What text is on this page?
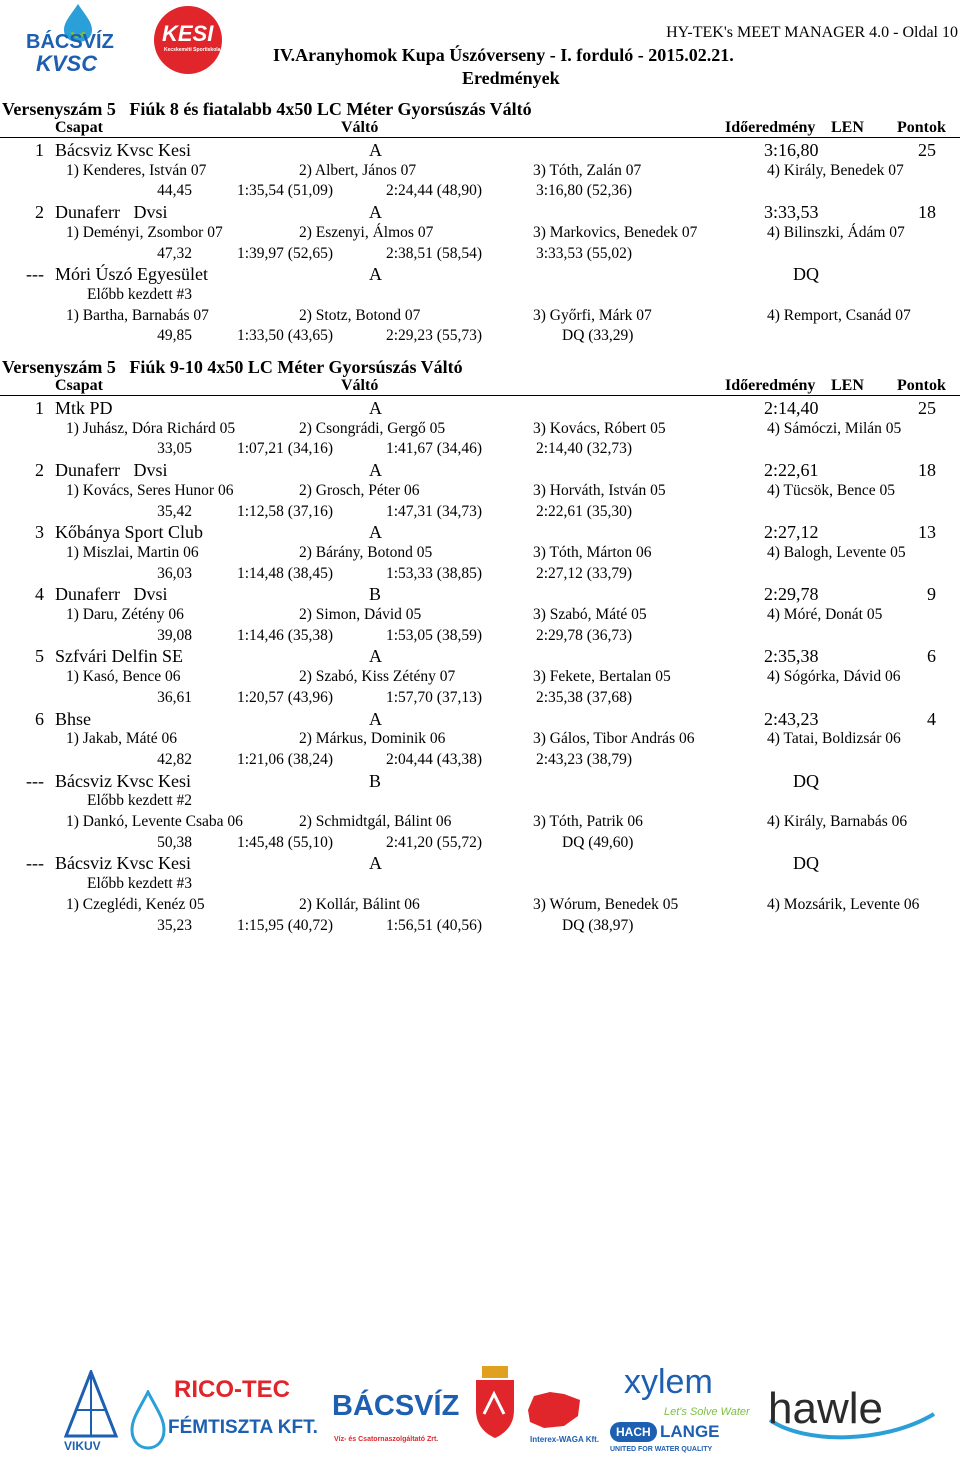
BÁCSVÍZ
KVSC
KESI
Kecskeméti Sportiskola
HY-TEK's MEET MANAGER 4.0 - Oldal 10
IV.Aranyhomok Kupa Úszóverseny - I. forduló - 2015.02.21.
Eredmények
Versenyszám 5   Fiúk 8 és fiatalabb 4x50 LC Méter Gyorsúszás Váltó
Csapat	Váltó	Időeredmény LEN Pontok
1 Bácsviz Kvsc Kesi	A	3:16,80	25
1) Kenderes, István 07	2) Albert, János 07	3) Tóth, Zalán 07	4) Király, Benedek 07
44,45	1:35,54 (51,09)	2:24,44 (48,90)	3:16,80 (52,36)
2 Dunaferr   Dvsi	A	3:33,53	18
1) Deményi, Zsombor 07	2) Eszenyi, Álmos 07	3) Markovics, Benedek 07	4) Bilinszki, Ádám 07
47,32	1:39,97 (52,65)	2:38,51 (58,54)	3:33,53 (55,02)
--- Móri Úszó Egyesület	A	DQ
Előbb kezdett #3
1) Bartha, Barnabás 07	2) Stotz, Botond 07	3) Győrfi, Márk 07	4) Remport, Csanád 07
49,85	1:33,50 (43,65)	2:29,23 (55,73)	DQ (33,29)
Versenyszám 5   Fiúk 9-10 4x50 LC Méter Gyorsúszás Váltó
Csapat	Váltó	Időeredmény LEN Pontok
1 Mtk PD	A	2:14,40	25
1) Juhász, Dóra Richárd 05	2) Csongrádi, Gergő 05	3) Kovács, Róbert 05	4) Sámóczi, Milán 05
33,05	1:07,21 (34,16)	1:41,67 (34,46)	2:14,40 (32,73)
2 Dunaferr   Dvsi	A	2:22,61	18
1) Kovács, Seres Hunor 06	2) Grosch, Péter 06	3) Horváth, István 05	4) Tücsök, Bence 05
35,42	1:12,58 (37,16)	1:47,31 (34,73)	2:22,61 (35,30)
3 Kőbánya Sport Club	A	2:27,12	13
1) Miszlai, Martin 06	2) Bárány, Botond 05	3) Tóth, Márton 06	4) Balogh, Levente 05
36,03	1:14,48 (38,45)	1:53,33 (38,85)	2:27,12 (33,79)
4 Dunaferr   Dvsi	B	2:29,78	9
1) Daru, Zétény 06	2) Simon, Dávid 05	3) Szabó, Máté 05	4) Móré, Donát 05
39,08	1:14,46 (35,38)	1:53,05 (38,59)	2:29,78 (36,73)
5 Szfvári Delfin SE	A	2:35,38	6
1) Kasó, Bence 06	2) Szabó, Kiss Zétény 07	3) Fekete, Bertalan 05	4) Sógórka, Dávid 06
36,61	1:20,57 (43,96)	1:57,70 (37,13)	2:35,38 (37,68)
6 Bhse	A	2:43,23	4
1) Jakab, Máté 06	2) Márkus, Dominik 06	3) Gálos, Tibor András 06	4) Tatai, Boldizsár 06
42,82	1:21,06 (38,24)	2:04,44 (43,38)	2:43,23 (38,79)
--- Bácsviz Kvsc Kesi	B	DQ
Előbb kezdett #2
1) Dankó, Levente Csaba 06	2) Schmidtgál, Bálint 06	3) Tóth, Patrik 06	4) Király, Barnabás 06
50,38	1:45,48 (55,10)	2:41,20 (55,72)	DQ (49,60)
--- Bácsviz Kvsc Kesi	A	DQ
Előbb kezdett #3
1) Czeglédi, Kenéz 05	2) Kollár, Bálint 06	3) Wórum, Benedek 05	4) Mozsárik, Levente 06
35,23	1:15,95 (40,72)	1:56,51 (40,56)	DQ (38,97)
VIKUV
RICO-TEC
FÉMTISZTA KFT.
BÁCSVÍZ
Víz- és Csatornaszolgáltató Zrt.	Interex-WAGA Kft.
xylem
Let's Solve Water
HACH LANGE
UNITED FOR WATER QUALITY
hawle
